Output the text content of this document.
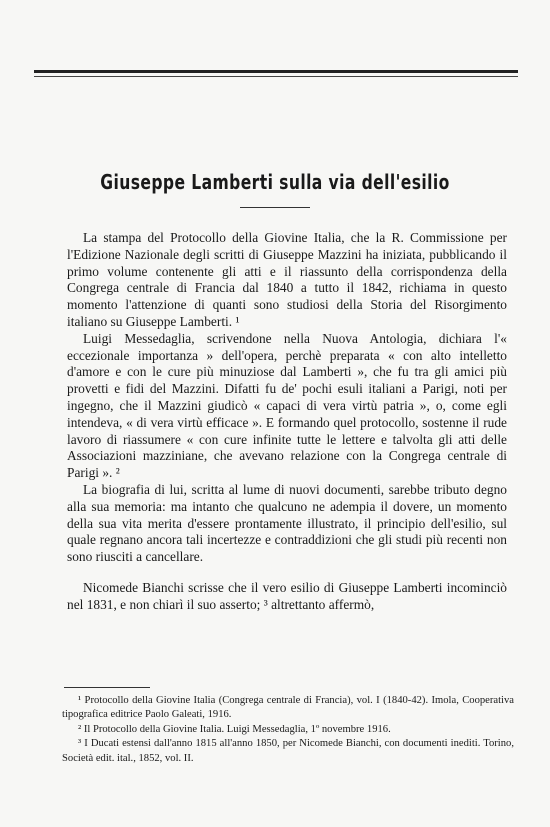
Giuseppe Lamberti sulla via dell'esilio

La stampa del Protocollo della Giovine Italia, che la R. Commissione per l'Edizione Nazionale degli scritti di Giuseppe Mazzini ha iniziata, pubblicando il primo volume contenente gli atti e il riassunto della corrispondenza della Congrega centrale di Francia dal 1840 a tutto il 1842, richiama in questo momento l'attenzione di quanti sono studiosi della Storia del Risorgimento italiano su Giuseppe Lamberti. ¹

Luigi Messedaglia, scrivendone nella Nuova Antologia, dichiara l'« eccezionale importanza » dell'opera, perchè preparata « con alto intelletto d'amore e con le cure più minuziose dal Lamberti », che fu tra gli amici più provetti e fidi del Mazzini. Difatti fu de' pochi esuli italiani a Parigi, noti per ingegno, che il Mazzini giudicò « capaci di vera virtù patria », o, come egli intendeva, « di vera virtù efficace ». E formando quel protocollo, sostenne il rude lavoro di riassumere « con cure infinite tutte le lettere e talvolta gli atti delle Associazioni mazziniane, che avevano relazione con la Congrega centrale di Parigi ». ²

La biografia di lui, scritta al lume di nuovi documenti, sarebbe tributo degno alla sua memoria: ma intanto che qualcuno ne adempia il dovere, un momento della sua vita merita d'essere prontamente illustrato, il principio dell'esilio, sul quale regnano ancora tali incertezze e contraddizioni che gli studi più recenti non sono riusciti a cancellare.

Nicomede Bianchi scrisse che il vero esilio di Giuseppe Lamberti incominciò nel 1831, e non chiarì il suo asserto; ³ altrettanto affermò,

¹ Protocollo della Giovine Italia (Congrega centrale di Francia), vol. I (1840-42). Imola, Cooperativa tipografica editrice Paolo Galeati, 1916.

² Il Protocollo della Giovine Italia. Luigi Messedaglia, 1º novembre 1916.

³ I Ducati estensi dall'anno 1815 all'anno 1850, per Nicomede Bianchi, con documenti inediti. Torino, Società edit. ital., 1852, vol. II.
